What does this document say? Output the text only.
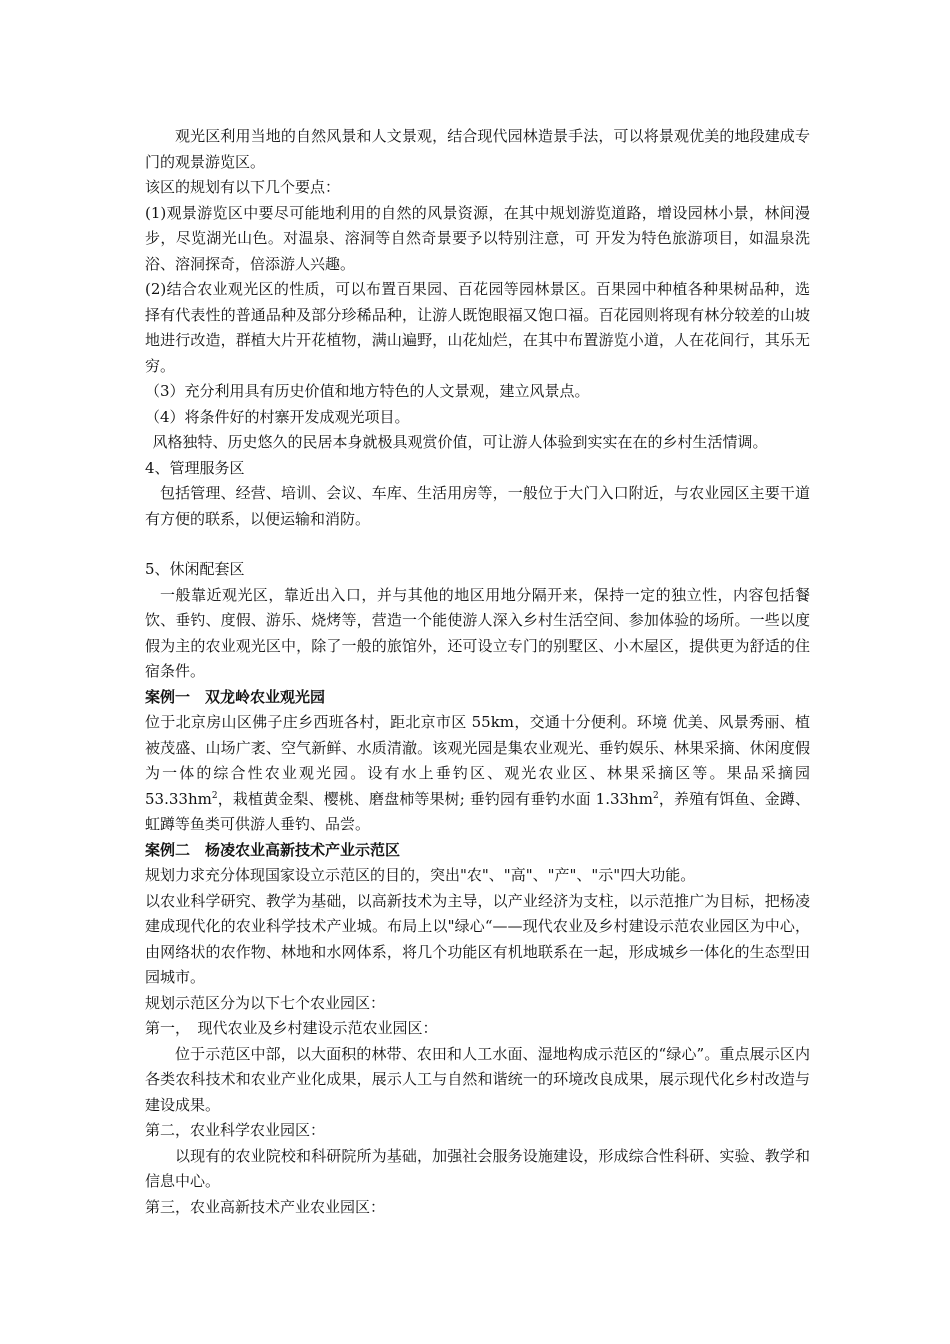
观光区利用当地的自然风景和人文景观，结合现代园林造景手法，可以将景观优美的地段建成专门的观景游览区。

该区的规划有以下几个要点：

(1)观景游览区中要尽可能地利用的自然的风景资源，在其中规划游览道路，增设园林小景，林间漫步，尽览湖光山色。对温泉、溶洞等自然奇景要予以特别注意，可 开发为特色旅游项目，如温泉洗浴、溶洞探奇，倍添游人兴趣。

(2)结合农业观光区的性质，可以布置百果园、百花园等园林景区。百果园中种植各种果树品种，选择有代表性的普通品种及部分珍稀品种，让游人既饱眼福又饱口福。百花园则将现有林分较差的山坡地进行改造，群植大片开花植物，满山遍野，山花灿烂，在其中布置游览小道，人在花间行，其乐无穷。

（3）充分利用具有历史价值和地方特色的人文景观，建立风景点。

（4）将条件好的村寨开发成观光项目。

风格独特、历史悠久的民居本身就极具观赏价值，可让游人体验到实实在在的乡村生活情调。

4、管理服务区

包括管理、经营、培训、会议、车库、生活用房等，一般位于大门入口附近，与农业园区主要干道有方便的联系，以便运输和消防。

5、休闲配套区

一般靠近观光区，靠近出入口，并与其他的地区用地分隔开来，保持一定的独立性，内容包括餐饮、垂钓、度假、游乐、烧烤等，营造一个能使游人深入乡村生活空间、参加体验的场所。一些以度假为主的农业观光区中，除了一般的旅馆外，还可设立专门的别墅区、小木屋区，提供更为舒适的住宿条件。

案例一　双龙岭农业观光园

位于北京房山区佛子庄乡西班各村，距北京市区 55km，交通十分便利。环境 优美、风景秀丽、植被茂盛、山场广袤、空气新鲜、水质清澈。该观光园是集农业观光、垂钓娱乐、林果采摘、休闲度假为一体的综合性农业观光园。设有水上垂钓区、观光农业区、林果采摘区等。果品采摘园 $53.33hm^2$，栽植黄金梨、樱桃、磨盘柿等果树; 垂钓园有垂钓水面 $1.33hm^2$，养殖有饵鱼、金蹲、虹蹲等鱼类可供游人垂钓、品尝。

案例二　杨凌农业高新技术产业示范区

规划力求充分体现国家设立示范区的目的，突出"农"、"高"、"产"、"示"四大功能。

以农业科学研究、教学为基础，以高新技术为主导，以产业经济为支柱，以示范推广为目标，把杨凌建成现代化的农业科学技术产业城。布局上以"绿心“——现代农业及乡村建设示范农业园区为中心，由网络状的农作物、林地和水网体系，将几个功能区有机地联系在一起，形成城乡一体化的生态型田园城市。

规划示范区分为以下七个农业园区：

第一，　现代农业及乡村建设示范农业园区：

位于示范区中部，以大面积的林带、农田和人工水面、湿地构成示范区的“绿心”。重点展示区内各类农科技术和农业产业化成果，展示人工与自然和谐统一的环境改良成果，展示现代化乡村改造与建设成果。

第二，农业科学农业园区：

以现有的农业院校和科研院所为基础，加强社会服务设施建设，形成综合性科研、实验、教学和信息中心。

第三，农业高新技术产业农业园区：
